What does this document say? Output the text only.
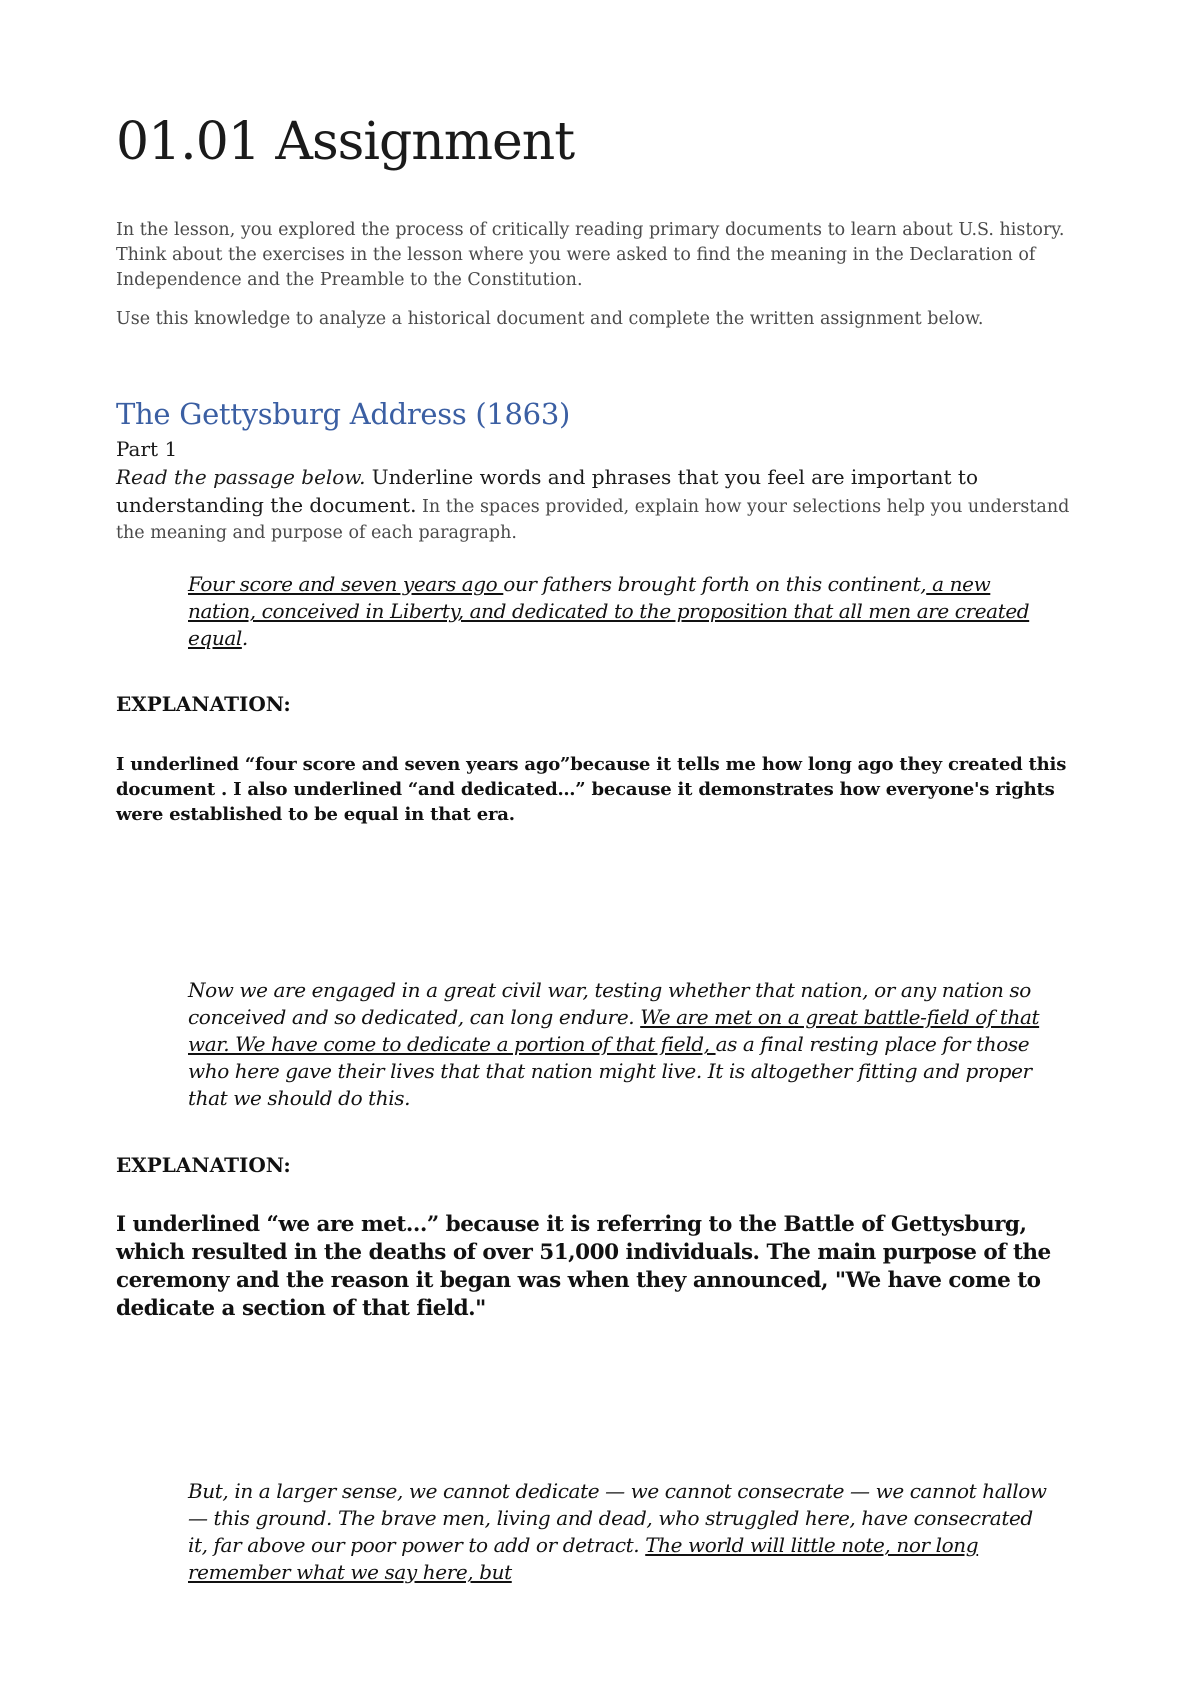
01.01 Assignment

In the lesson, you explored the process of critically reading primary documents to learn about U.S. history. Think about the exercises in the lesson where you were asked to find the meaning in the Declaration of Independence and the Preamble to the Constitution.

Use this knowledge to analyze a historical document and complete the written assignment below.

The Gettysburg Address (1863)
Part 1
Read the passage below. Underline words and phrases that you feel are important to understanding the document. In the spaces provided, explain how your selections help you understand the meaning and purpose of each paragraph.
Four score and seven years ago our fathers brought forth on this continent, a new nation, conceived in Liberty, and dedicated to the proposition that all men are created equal.
EXPLANATION:
I underlined “four score and seven years ago”because it tells me how long ago they created this document . I also underlined “and dedicated…” because it demonstrates how everyone's rights were established to be equal in that era.
Now we are engaged in a great civil war, testing whether that nation, or any nation so conceived and so dedicated, can long endure. We are met on a great battle-field of that war. We have come to dedicate a portion of that field, as a final resting place for those who here gave their lives that that nation might live. It is altogether fitting and proper that we should do this.
EXPLANATION:
I underlined “we are met…” because it is referring to the Battle of Gettysburg, which resulted in the deaths of over 51,000 individuals. The main purpose of the ceremony and the reason it began was when they announced, "We have come to dedicate a section of that field."
But, in a larger sense, we cannot dedicate — we cannot consecrate — we cannot hallow — this ground. The brave men, living and dead, who struggled here, have consecrated it, far above our poor power to add or detract. The world will little note, nor long remember what we say here, but
